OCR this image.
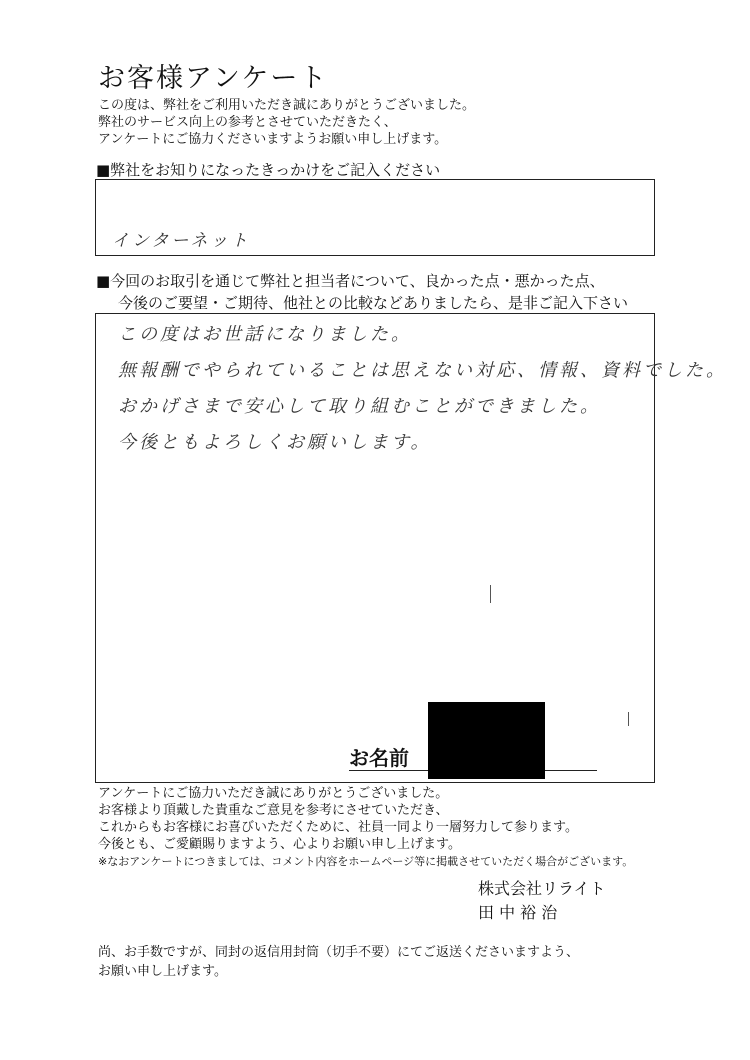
お客様アンケート
この度は、弊社をご利用いただき誠にありがとうございました。
弊社のサービス向上の参考とさせていただきたく、
アンケートにご協力くださいますようお願い申し上げます。
■弊社をお知りになったきっかけをご記入ください
インターネット
■今回のお取引を通じて弊社と担当者について、良かった点・悪かった点、
今後のご要望・ご期待、他社との比較などありましたら、是非ご記入下さい
この度はお世話になりました。
無報酬でやられていることは思えない対応、情報、資料でした。
おかげさまで安心して取り組むことができました。
今後ともよろしくお願いします。
お名前
アンケートにご協力いただき誠にありがとうございました。
お客様より頂戴した貴重なご意見を参考にさせていただき、
これからもお客様にお喜びいただくために、社員一同より一層努力して参ります。
今後とも、ご愛顧賜りますよう、心よりお願い申し上げます。
※なおアンケートにつきましては、コメント内容をホームページ等に掲載させていただく場合がございます。
株式会社リライト
田 中 裕 治
尚、お手数ですが、同封の返信用封筒（切手不要）にてご返送くださいますよう、
お願い申し上げます。
